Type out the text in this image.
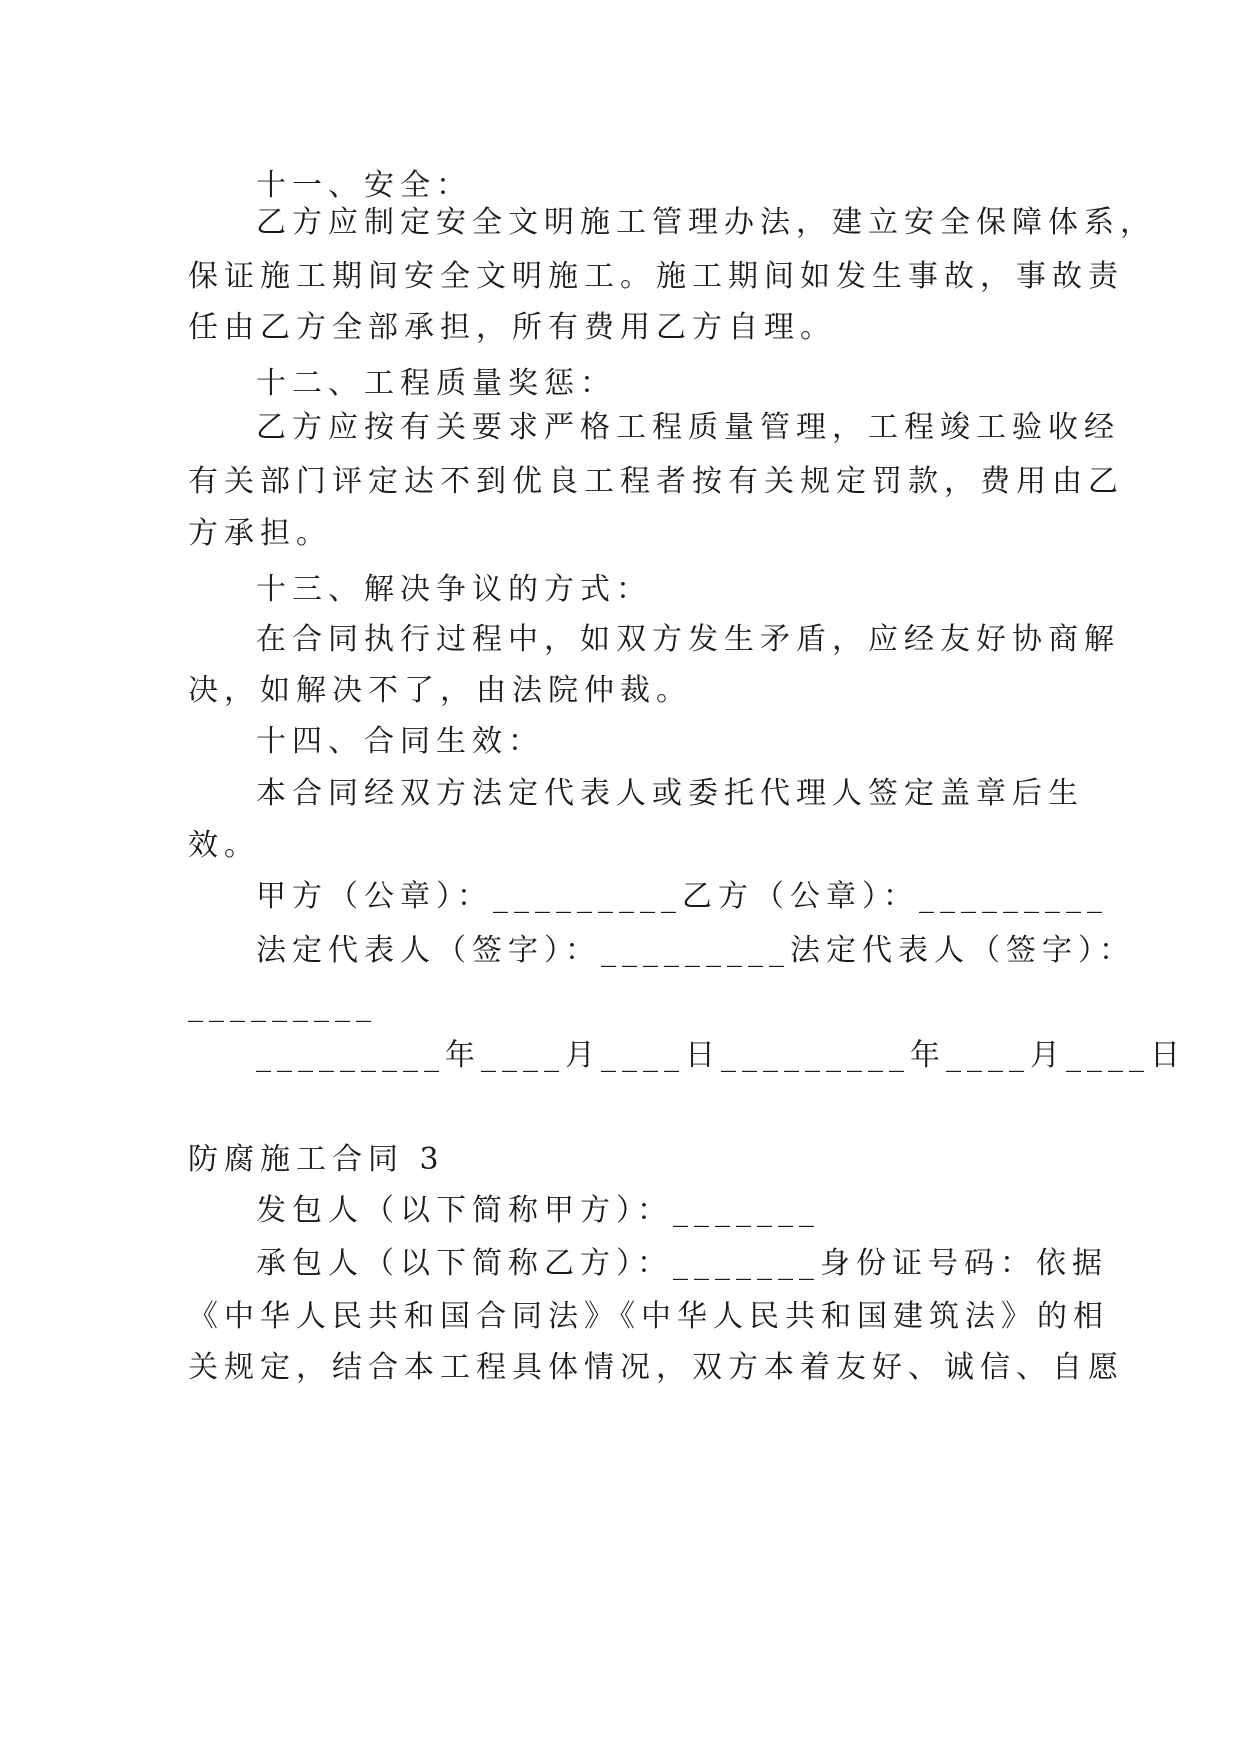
十一、安全：
乙方应制定安全文明施工管理办法，建立安全保障体系，
保证施工期间安全文明施工。施工期间如发生事故，事故责
任由乙方全部承担，所有费用乙方自理。
十二、工程质量奖惩：
乙方应按有关要求严格工程质量管理，工程竣工验收经
有关部门评定达不到优良工程者按有关规定罚款，费用由乙
方承担。
十三、解决争议的方式：
在合同执行过程中，如双方发生矛盾，应经友好协商解
决，如解决不了，由法院仲裁。
十四、合同生效：
本合同经双方法定代表人或委托代理人签定盖章后生
效。
甲方（公章）：_________乙方（公章）：_________
法定代表人（签字）：_________法定代表人（签字）：
_________
_________年____月____日_________年____月____日
防腐施工合同 3
发包人（以下简称甲方）：_______
承包人（以下简称乙方）：_______身份证号码：依据
《中华人民共和国合同法》《中华人民共和国建筑法》的相
关规定，结合本工程具体情况，双方本着友好、诚信、自愿
